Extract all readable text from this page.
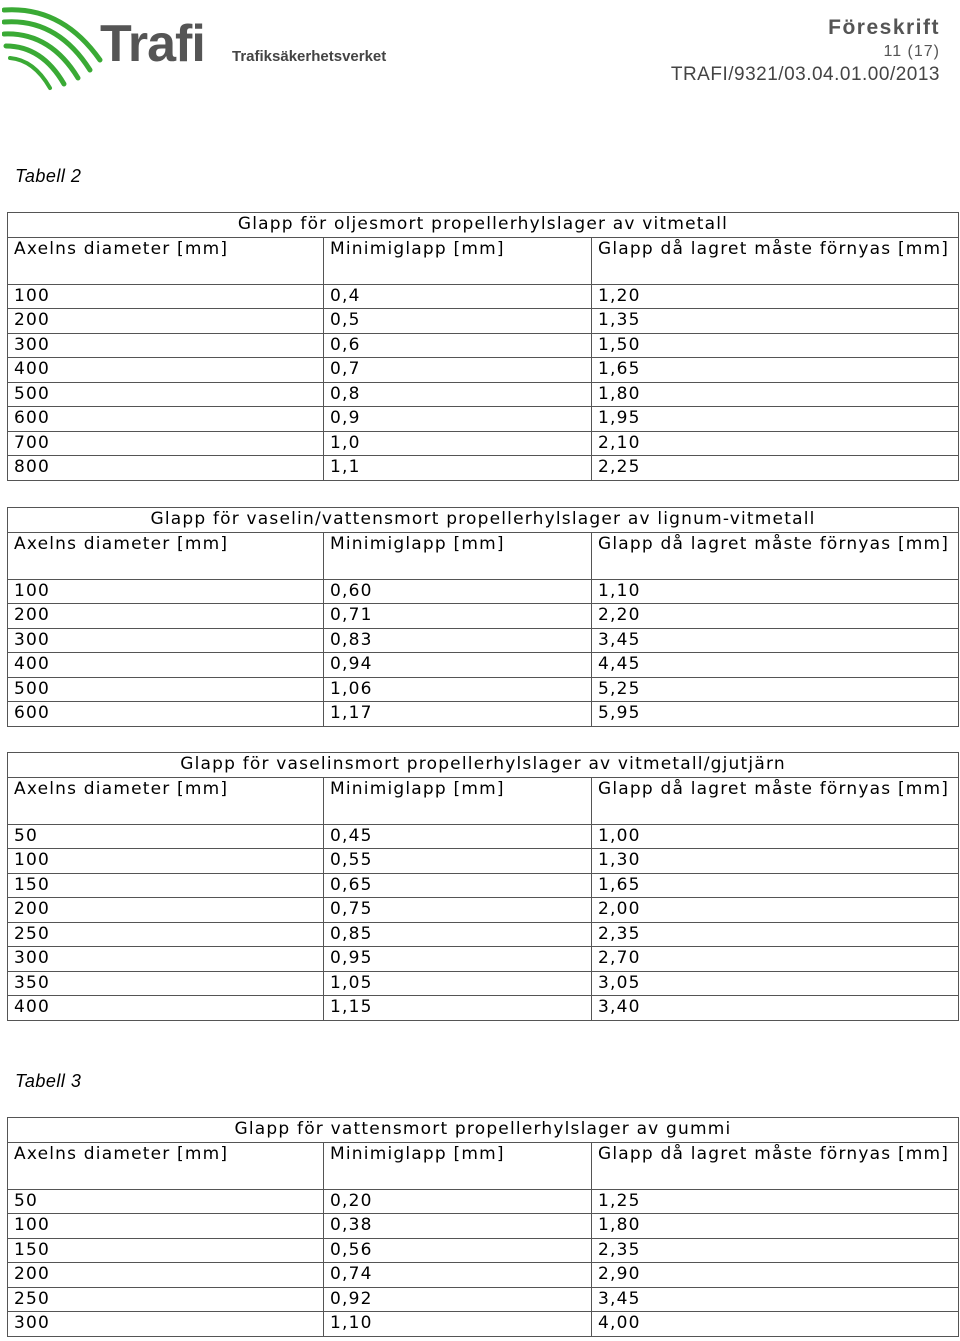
Trafi Trafiksäkerhetsverket
Föreskrift
11 (17)
TRAFI/9321/03.04.01.00/2013
Tabell 2
Glapp för oljesmort propellerhylslager av vitmetall		
Axelns diameter [mm]	Minimiglapp [mm]	Glapp då lagret måste förnyas [mm]
100	0,4	1,20
200	0,5	1,35
300	0,6	1,50
400	0,7	1,65
500	0,8	1,80
600	0,9	1,95
700	1,0	2,10
800	1,1	2,25
Glapp för vaselin/vattensmort propellerhylslager av lignum-vitmetall		
Axelns diameter [mm]	Minimiglapp [mm]	Glapp då lagret måste förnyas [mm]
100	0,60	1,10
200	0,71	2,20
300	0,83	3,45
400	0,94	4,45
500	1,06	5,25
600	1,17	5,95
Glapp för vaselinsmort propellerhylslager av vitmetall/gjutjärn		
Axelns diameter [mm]	Minimiglapp [mm]	Glapp då lagret måste förnyas [mm]
50	0,45	1,00
100	0,55	1,30
150	0,65	1,65
200	0,75	2,00
250	0,85	2,35
300	0,95	2,70
350	1,05	3,05
400	1,15	3,40
Tabell 3
Glapp för vattensmort propellerhylslager av gummi		
Axelns diameter [mm]	Minimiglapp [mm]	Glapp då lagret måste förnyas [mm]
50	0,20	1,25
100	0,38	1,80
150	0,56	2,35
200	0,74	2,90
250	0,92	3,45
300	1,10	4,00
